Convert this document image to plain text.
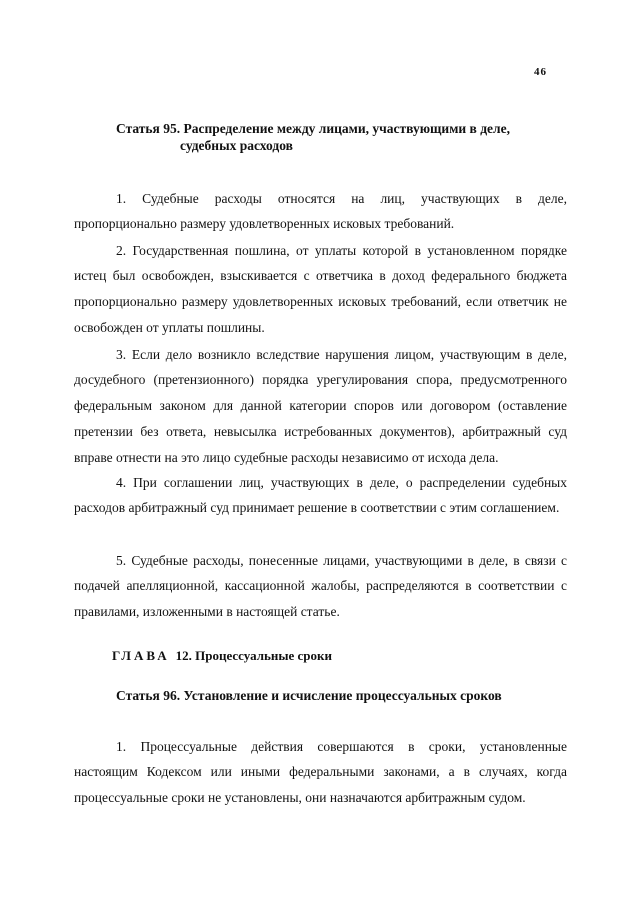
46
Статья 95. Распределение между лицами, участвующими в деле,
судебных расходов

1. Судебные расходы относятся на лиц, участвующих в деле, пропорционально размеру удовлетворенных исковых требований.

2. Государственная пошлина, от уплаты которой в установленном порядке истец был освобожден, взыскивается с ответчика в доход федерального бюджета пропорционально размеру удовлетворенных исковых требований, если ответчик не освобожден от уплаты пошлины.

3. Если дело возникло вследствие нарушения лицом, участвующим в деле, досудебного (претензионного) порядка урегулирования спора, предусмотренного федеральным законом для данной категории споров или договором (оставление претензии без ответа, невысылка истребованных документов), арбитражный суд вправе отнести на это лицо судебные расходы независимо от исхода дела.

4. При соглашении лиц, участвующих в деле, о распределении судебных расходов арбитражный суд принимает решение в соответствии с этим соглашением.

5. Судебные расходы, понесенные лицами, участвующими в деле, в связи с подачей апелляционной, кассационной жалобы, распределяются в соответствии с правилами, изложенными в настоящей статье.

ГЛАВА 12. Процессуальные сроки
Статья 96. Установление и исчисление процессуальных сроков

1. Процессуальные действия совершаются в сроки, установленные настоящим Кодексом или иными федеральными законами, а в случаях, когда процессуальные сроки не установлены, они назначаются арбитражным судом.
